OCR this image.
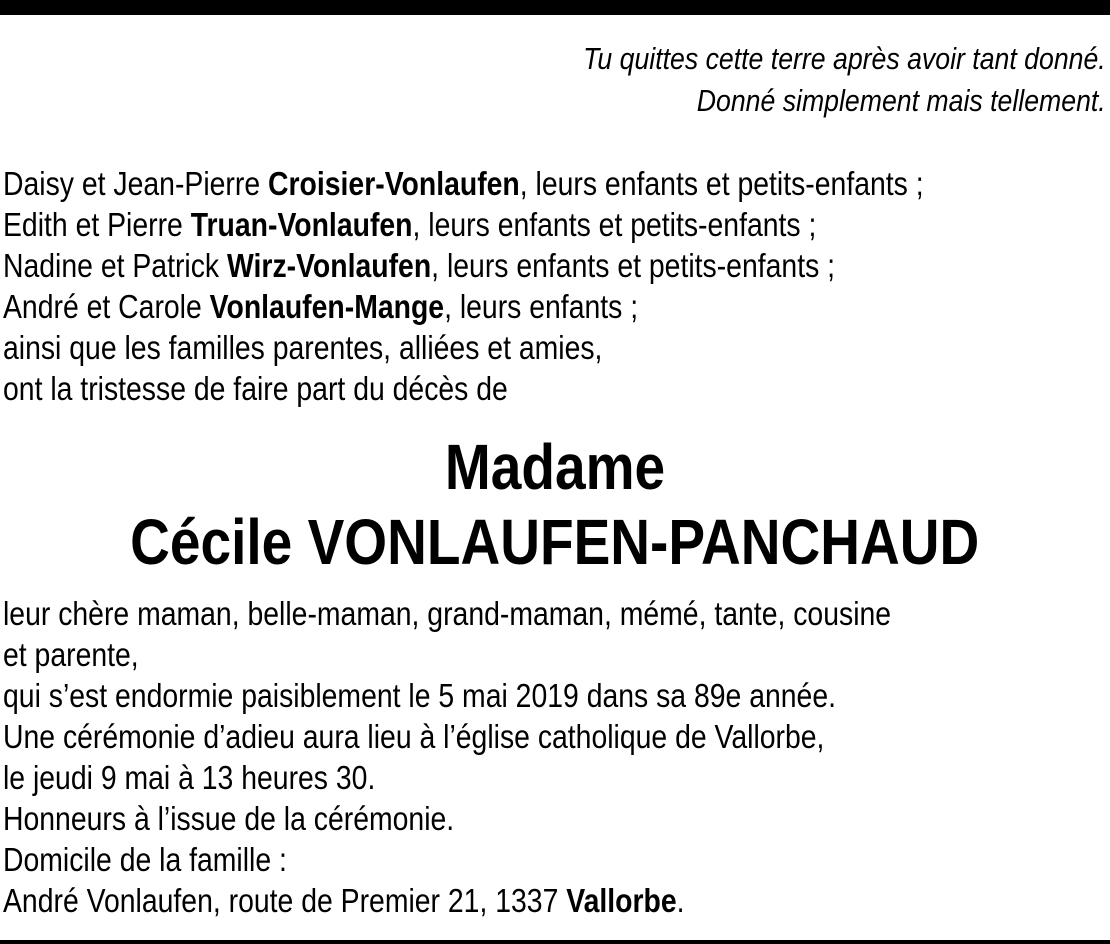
Tu quittes cette terre après avoir tant donné.
Donné simplement mais tellement.
Daisy et Jean-Pierre Croisier-Vonlaufen, leurs enfants et petits-enfants ;
Edith et Pierre Truan-Vonlaufen, leurs enfants et petits-enfants ;
Nadine et Patrick Wirz-Vonlaufen, leurs enfants et petits-enfants ;
André et Carole Vonlaufen-Mange, leurs enfants ;
ainsi que les familles parentes, alliées et amies,
ont la tristesse de faire part du décès de
Madame
Cécile VONLAUFEN-PANCHAUD
leur chère maman, belle-maman, grand-maman, mémé, tante, cousine
et parente,
qui s’est endormie paisiblement le 5 mai 2019 dans sa 89e année.
Une cérémonie d’adieu aura lieu à l’église catholique de Vallorbe,
le jeudi 9 mai à 13 heures 30.
Honneurs à l’issue de la cérémonie.
Domicile de la famille :
André Vonlaufen, route de Premier 21, 1337 Vallorbe.
